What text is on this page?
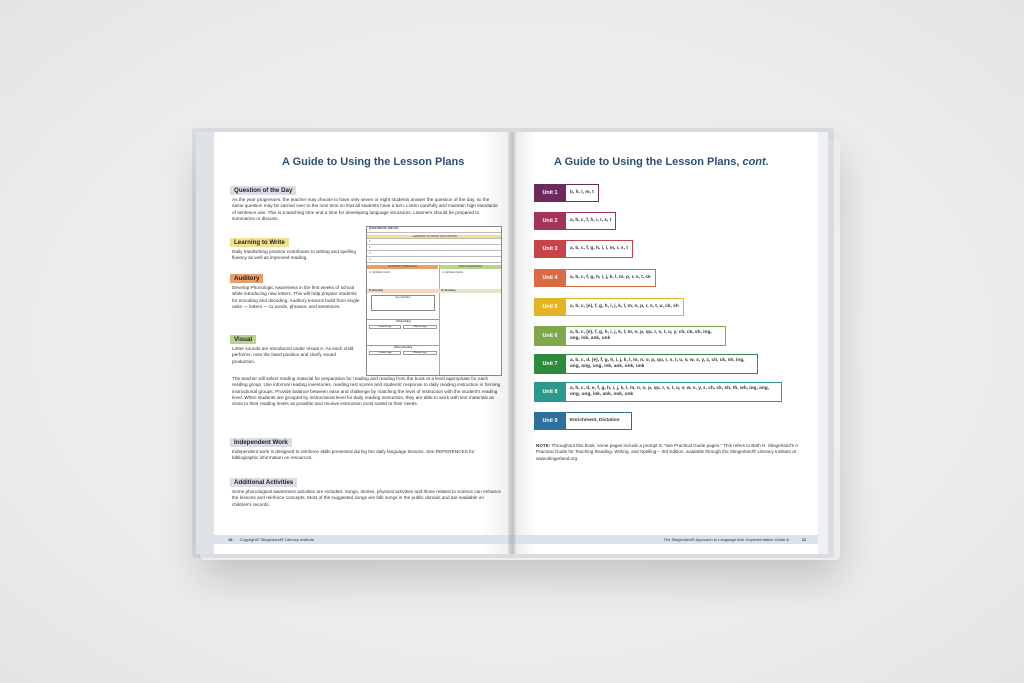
A Guide to Using the Lesson Plans
Question of the Day
As the year progresses, the teacher may choose to have only seven or eight students answer the question of the day, so the same question may be carried over to the next time so that all students have a turn. Listen carefully and maintain high standards of sentence use. This is a teaching time and a time for developing language structures. Listeners should be prepared to summarize or discuss.
Learning to Write
Daily handwriting practice contributes to writing and spelling fluency as well as improved reading.
Auditory
Develop Phonologic Awareness in the first weeks of school while introducing new letters. This will help prepare students for encoding and decoding. Auditory lessons build from single units — letters — to words, phrases, and sentences.
Visual
Letter sounds are introduced under Visual A. As each child performs, note the hand position and clarify sound production.
The teacher will select reading material for preparation for reading and reading from the book at a level appropriate for each reading group. Use informal reading inventories, reading test scores and students' response to daily reading instruction in forming instructional groups. Provide balance between ease and challenge by matching the level of instruction with the student's reading level. When students are grouped by instructional level for daily reading instruction, they are able to work with text materials as close to their reading levels as possible and receive instruction most suited to their needs.
Independent Work
Independent work is designed to reinforce skills presented during the daily language lessons. See REFERENCES for bibliographic information on resources.
Additional Activities
Some phonological awareness activities are included. Songs, stories, physical activities and those related to science can enhance the lessons and reinforce concepts. Most of the suggested songs are folk songs in the public domain and are available on children's records.
QUESTION OF THE DAY
LEARNING TO WRITE OR AUDITORY
1
2
3
4
AUDITORY APPROACH	VISUAL APPROACH
A. Alphabet Cards	A. Alphabet Cards
B. Encoding	B. Decoding
Generalization
Unit Encoding
Printed Copy	Without Copy
Written Encoding
Printed Copy	Without Copy
18 Copyright© Slingerland® Literacy Institute
A Guide to Using the Lesson Plans, cont.
Unit 1	b, h, i, m, t
Unit 2	a, b, c, f, h, i, r, s, t
Unit 3	a, b, c, f, g, h, i, l, m, r, s, t
Unit 4	a, b, c, f, g, h, i, j, k, l, m, p, r, s, t, ck
Unit 5	a, b, c, (e), f, g, h, i, j, k, l, m, n, p, r, s, t, u, ck, sh
Unit 6
a, b, c, (e), f, g, h, i, j, k, l, m, n, p, qu, r, s, t, u, y, ch, ck, sh, ing, ang, ink, ank, unk
Unit 7
a, b, c, d, (e), f, g, h, i, j, k, l, m, n, o, p, qu, r, s, t, u, v, w, x, y, z, ch, ck, sh, ing, ang, ong, ung, ink, ank, onk, unk
Unit 8
a, b, c, d, e, f, g, h, i, j, k, l, m, n, o, p, qu, r, s, t, u, v, w, x, y, z, ch, ck, sh, th, wh, ing, ang, ong, ung, ink, ank, onk, unk
Unit 9	Enrichment, Dictation
NOTE: Throughout this book, some pages include a prompt to "see Practical Guide pages." This refers to Beth H. Slingerland's A Practical Guide for Teaching Reading, Writing, and Spelling – 3rd Edition, available through the Slingerland® Literacy Institute at www.slingerland.org.
The Slingerland® Approach to Language Arts: Implementation Guide A	11
